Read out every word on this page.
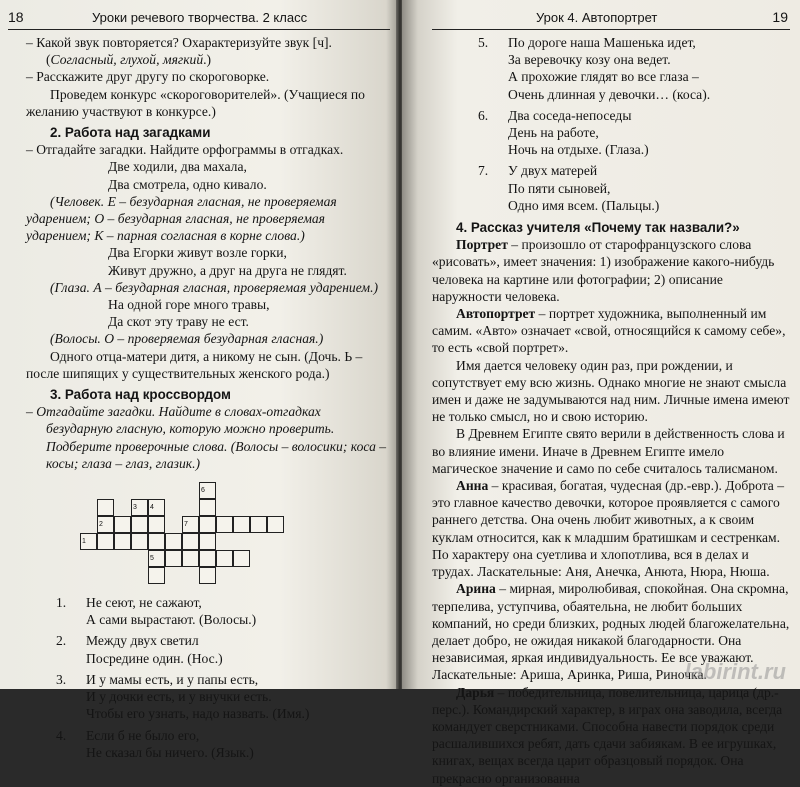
18	Уроки речевого творчества. 2 класс

– Какой звук повторяется? Охарактеризуйте звук [ч]. (Согласный, глухой, мягкий.)

– Расскажите друг другу по скороговорке.

Проведем конкурс «скороговорителей». (Учащиеся по желанию участвуют в конкурсе.)

2. Работа над загадками

– Отгадайте загадки. Найдите орфограммы в отгадках.

Две ходили, два махала,

Два смотрела, одно кивало.

(Человек. Е – безударная гласная, не проверяемая ударением; О – безударная гласная, не проверяемая ударением; К – парная согласная в корне слова.)

Два Егорки живут возле горки,

Живут дружно, а друг на друга не глядят.

(Глаза. А – безударная гласная, проверяемая ударением.)

На одной горе много травы,

Да скот эту траву не ест.

(Волосы. О – проверяемая безударная гласная.)

Одного отца-матери дитя, а никому не сын. (Дочь. Ь – после шипящих у существительных женского рода.)

3. Работа над кроссвордом

– Отгадайте загадки. Найдите в словах-отгадках безударную гласную, которую можно проверить. Подберите проверочные слова. (Волосы – волосики; коса – косы; глаза – глаз, глазик.)

1
2
3 4
5
6
7
1. Не сеют, не сажают,

А сами вырастают. (Волосы.)

2. Между двух светил

Посредине один. (Нос.)

3. И у мамы есть, и у папы есть,

И у дочки есть, и у внучки есть.

Чтобы его узнать, надо назвать. (Имя.)

4. Если б не было его,

Не сказал бы ничего. (Язык.)

Урок 4. Автопортрет	19
5. По дороге наша Машенька идет,

За веревочку козу она ведет.

А прохожие глядят во все глаза –

Очень длинная у девочки… (коса).

6. Два соседа-непоседы

День на работе,

Ночь на отдыхе. (Глаза.)

7. У двух матерей

По пяти сыновей,

Одно имя всем. (Пальцы.)

4. Рассказ учителя «Почему так назвали?»

Портрет – произошло от старофранцузского слова «рисовать», имеет значения: 1) изображение какого-нибудь человека на картине или фотографии; 2) описание наружности человека.

Автопортрет – портрет художника, выполненный им самим. «Авто» означает «свой, относящийся к самому себе», то есть «свой портрет».

Имя дается человеку один раз, при рождении, и сопутствует ему всю жизнь. Однако многие не знают смысла имен и даже не задумываются над ним. Личные имена имеют не только смысл, но и свою историю.

В Древнем Египте свято верили в действенность слова и во влияние имени. Иначе в Древнем Египте имело магическое значение и само по себе считалось талисманом.

Анна – красивая, богатая, чудесная (др.-евр.). Доброта – это главное качество девочки, которое проявляется с самого раннего детства. Она очень любит животных, а к своим куклам относится, как к младшим братишкам и сестренкам. По характеру она суетлива и хлопотлива, вся в делах и трудах. Ласкательные: Аня, Анечка, Анюта, Нюра, Нюша.

Арина – мирная, миролюбивая, спокойная. Она скромна, терпелива, уступчива, обаятельна, не любит больших компаний, но среди близких, родных людей благожелательна, делает добро, не ожидая никакой благодарности. Она независимая, яркая индивидуальность. Ее все уважают. Ласкательные: Ариша, Аринка, Риша, Риночка.

Дарья – победительница, повелительница, царица (др.-перс.). Командирский характер, в играх она заводила, всегда командует сверстниками. Способна навести порядок среди расшалившихся ребят, дать сдачи забиякам. В ее игрушках, книгах, вещах всегда царит образцовый порядок. Она прекрасно организованна

labirint.ru
